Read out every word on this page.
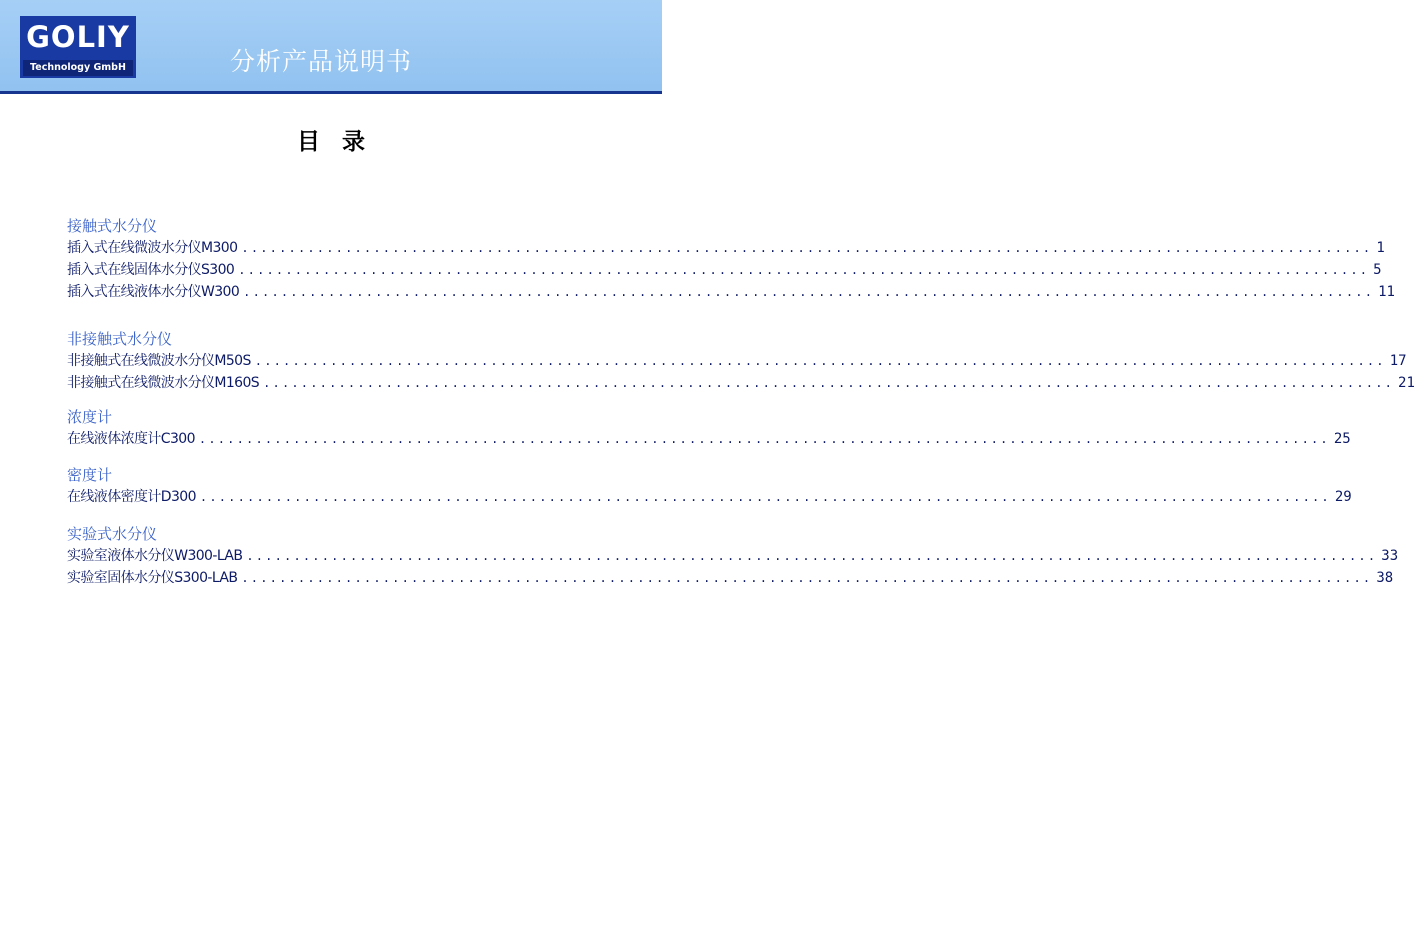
GOLIY
Technology GmbH	分析产品说明书
目录
接触式水分仪
插入式在线微波水分仪M300 ........................................................................................................................ 1
插入式在线固体水分仪S300 ........................................................................................................................ 5
插入式在线液体水分仪W300 ........................................................................................................................ 11
非接触式水分仪
非接触式在线微波水分仪M50S ........................................................................................................................ 17
非接触式在线微波水分仪M160S ........................................................................................................................ 21
浓度计
在线液体浓度计C300 ........................................................................................................................ 25
密度计
在线液体密度计D300 ........................................................................................................................ 29
实验式水分仪
实验室液体水分仪W300-LAB ........................................................................................................................ 33
实验室固体水分仪S300-LAB ........................................................................................................................ 38
